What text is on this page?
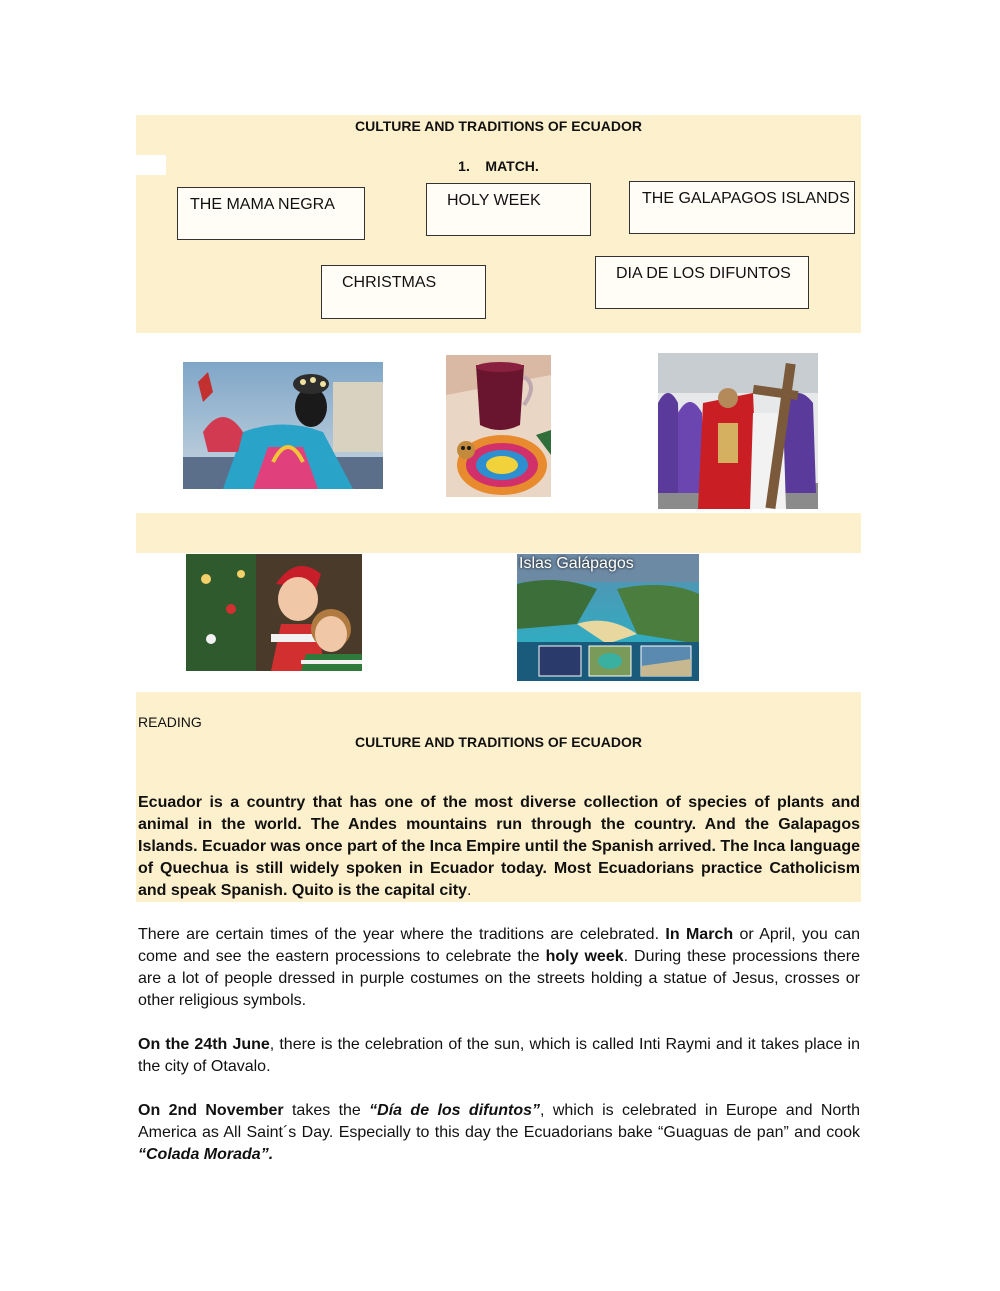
CULTURE AND TRADITIONS OF ECUADOR
1.    MATCH.
THE MAMA NEGRA	HOLY WEEK	THE GALAPAGOS ISLANDS
CHRISTMAS
DIA DE LOS DIFUNTOS
Islas Galápagos
READING
CULTURE AND TRADITIONS OF ECUADOR

Ecuador is a country that has one of the most diverse collection of species of plants and animal in the world. The Andes mountains run through the country. And the Galapagos Islands. Ecuador was once part of the Inca Empire until the Spanish arrived. The Inca language of Quechua is still widely spoken in Ecuador today. Most Ecuadorians practice Catholicism and speak Spanish. Quito is the capital city.

There are certain times of the year where the traditions are celebrated. In March or April, you can come and see the eastern processions to celebrate the holy week. During these processions there are a lot of people dressed in purple costumes on the streets holding a statue of Jesus, crosses or other religious symbols.

On the 24th June, there is the celebration of the sun, which is called Inti Raymi and it takes place in the city of Otavalo.

On 2nd November takes the “Día de los difuntos”, which is celebrated in Europe and North America as All Saint´s Day. Especially to this day the Ecuadorians bake “Guaguas de pan” and cook “Colada Morada”.
